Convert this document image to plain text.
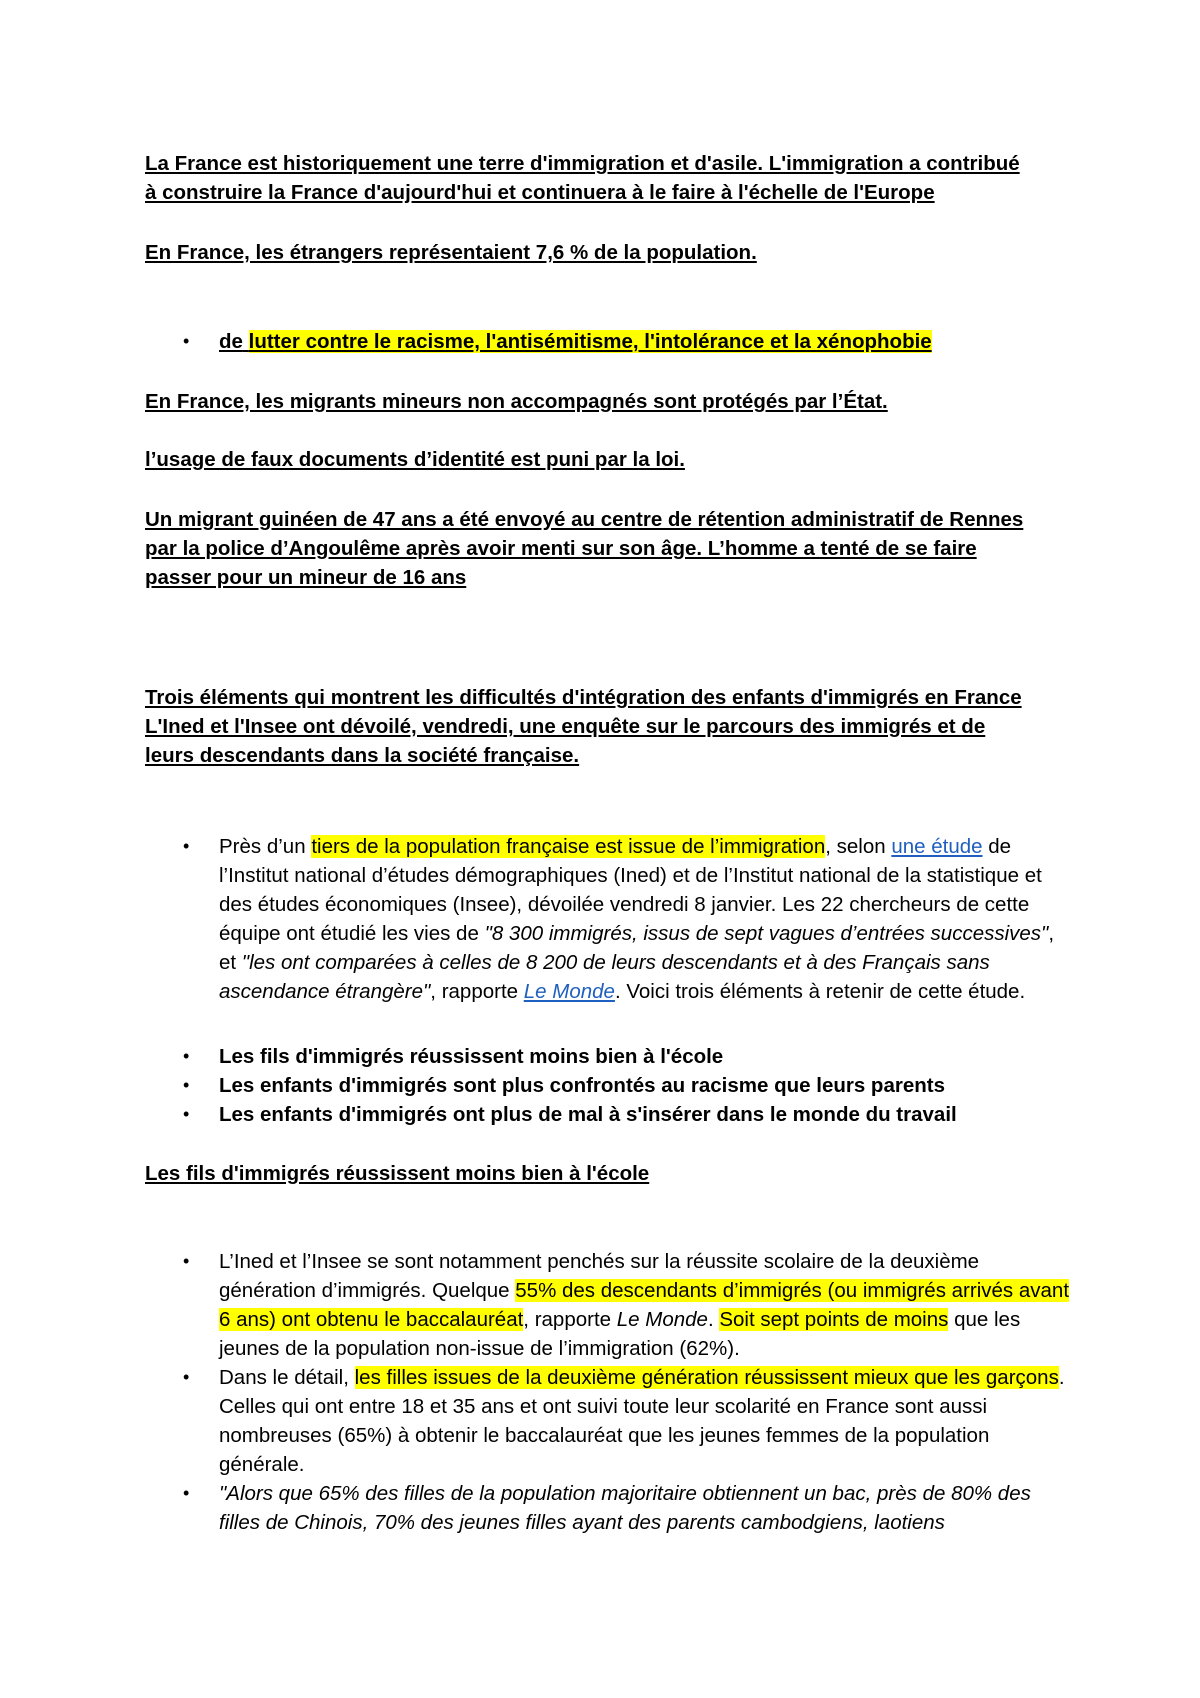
La France est historiquement une terre d'immigration et d'asile. L'immigration a contribué
à construire la France d'aujourd'hui et continuera à le faire à l'échelle de l'Europe

En France, les étrangers représentaient 7,6 % de la population.

• de lutter contre le racisme, l'antisémitisme, l'intolérance et la xénophobie

En France, les migrants mineurs non accompagnés sont protégés par l’État.

l’usage de faux documents d’identité est puni par la loi.

Un migrant guinéen de 47 ans a été envoyé au centre de rétention administratif de Rennes
par la police d’Angoulême après avoir menti sur son âge. L’homme a tenté de se faire
passer pour un mineur de 16 ans

Trois éléments qui montrent les difficultés d'intégration des enfants d'immigrés en France
L'Ined et l'Insee ont dévoilé, vendredi, une enquête sur le parcours des immigrés et de
leurs descendants dans la société française.

• Près d’un tiers de la population française est issue de l’immigration, selon une étude de l’Institut national d’études démographiques (Ined) et de l’Institut national de la statistique et des études économiques (Insee), dévoilée vendredi 8 janvier. Les 22 chercheurs de cette équipe ont étudié les vies de "8 300 immigrés, issus de sept vagues d’entrées successives", et "les ont comparées à celles de 8 200 de leurs descendants et à des Français sans ascendance étrangère", rapporte Le Monde. Voici trois éléments à retenir de cette étude.

• Les fils d'immigrés réussissent moins bien à l'école

• Les enfants d'immigrés sont plus confrontés au racisme que leurs parents

• Les enfants d'immigrés ont plus de mal à s'insérer dans le monde du travail

Les fils d'immigrés réussissent moins bien à l'école

• L’Ined et l’Insee se sont notamment penchés sur la réussite scolaire de la deuxième génération d’immigrés. Quelque 55% des descendants d’immigrés (ou immigrés arrivés avant 6 ans) ont obtenu le baccalauréat, rapporte Le Monde. Soit sept points de moins que les jeunes de la population non-issue de l’immigration (62%).

• Dans le détail, les filles issues de la deuxième génération réussissent mieux que les garçons. Celles qui ont entre 18 et 35 ans et ont suivi toute leur scolarité en France sont aussi nombreuses (65%) à obtenir le baccalauréat que les jeunes femmes de la population générale.

• "Alors que 65% des filles de la population majoritaire obtiennent un bac, près de 80% des filles de Chinois, 70% des jeunes filles ayant des parents cambodgiens, laotiens
